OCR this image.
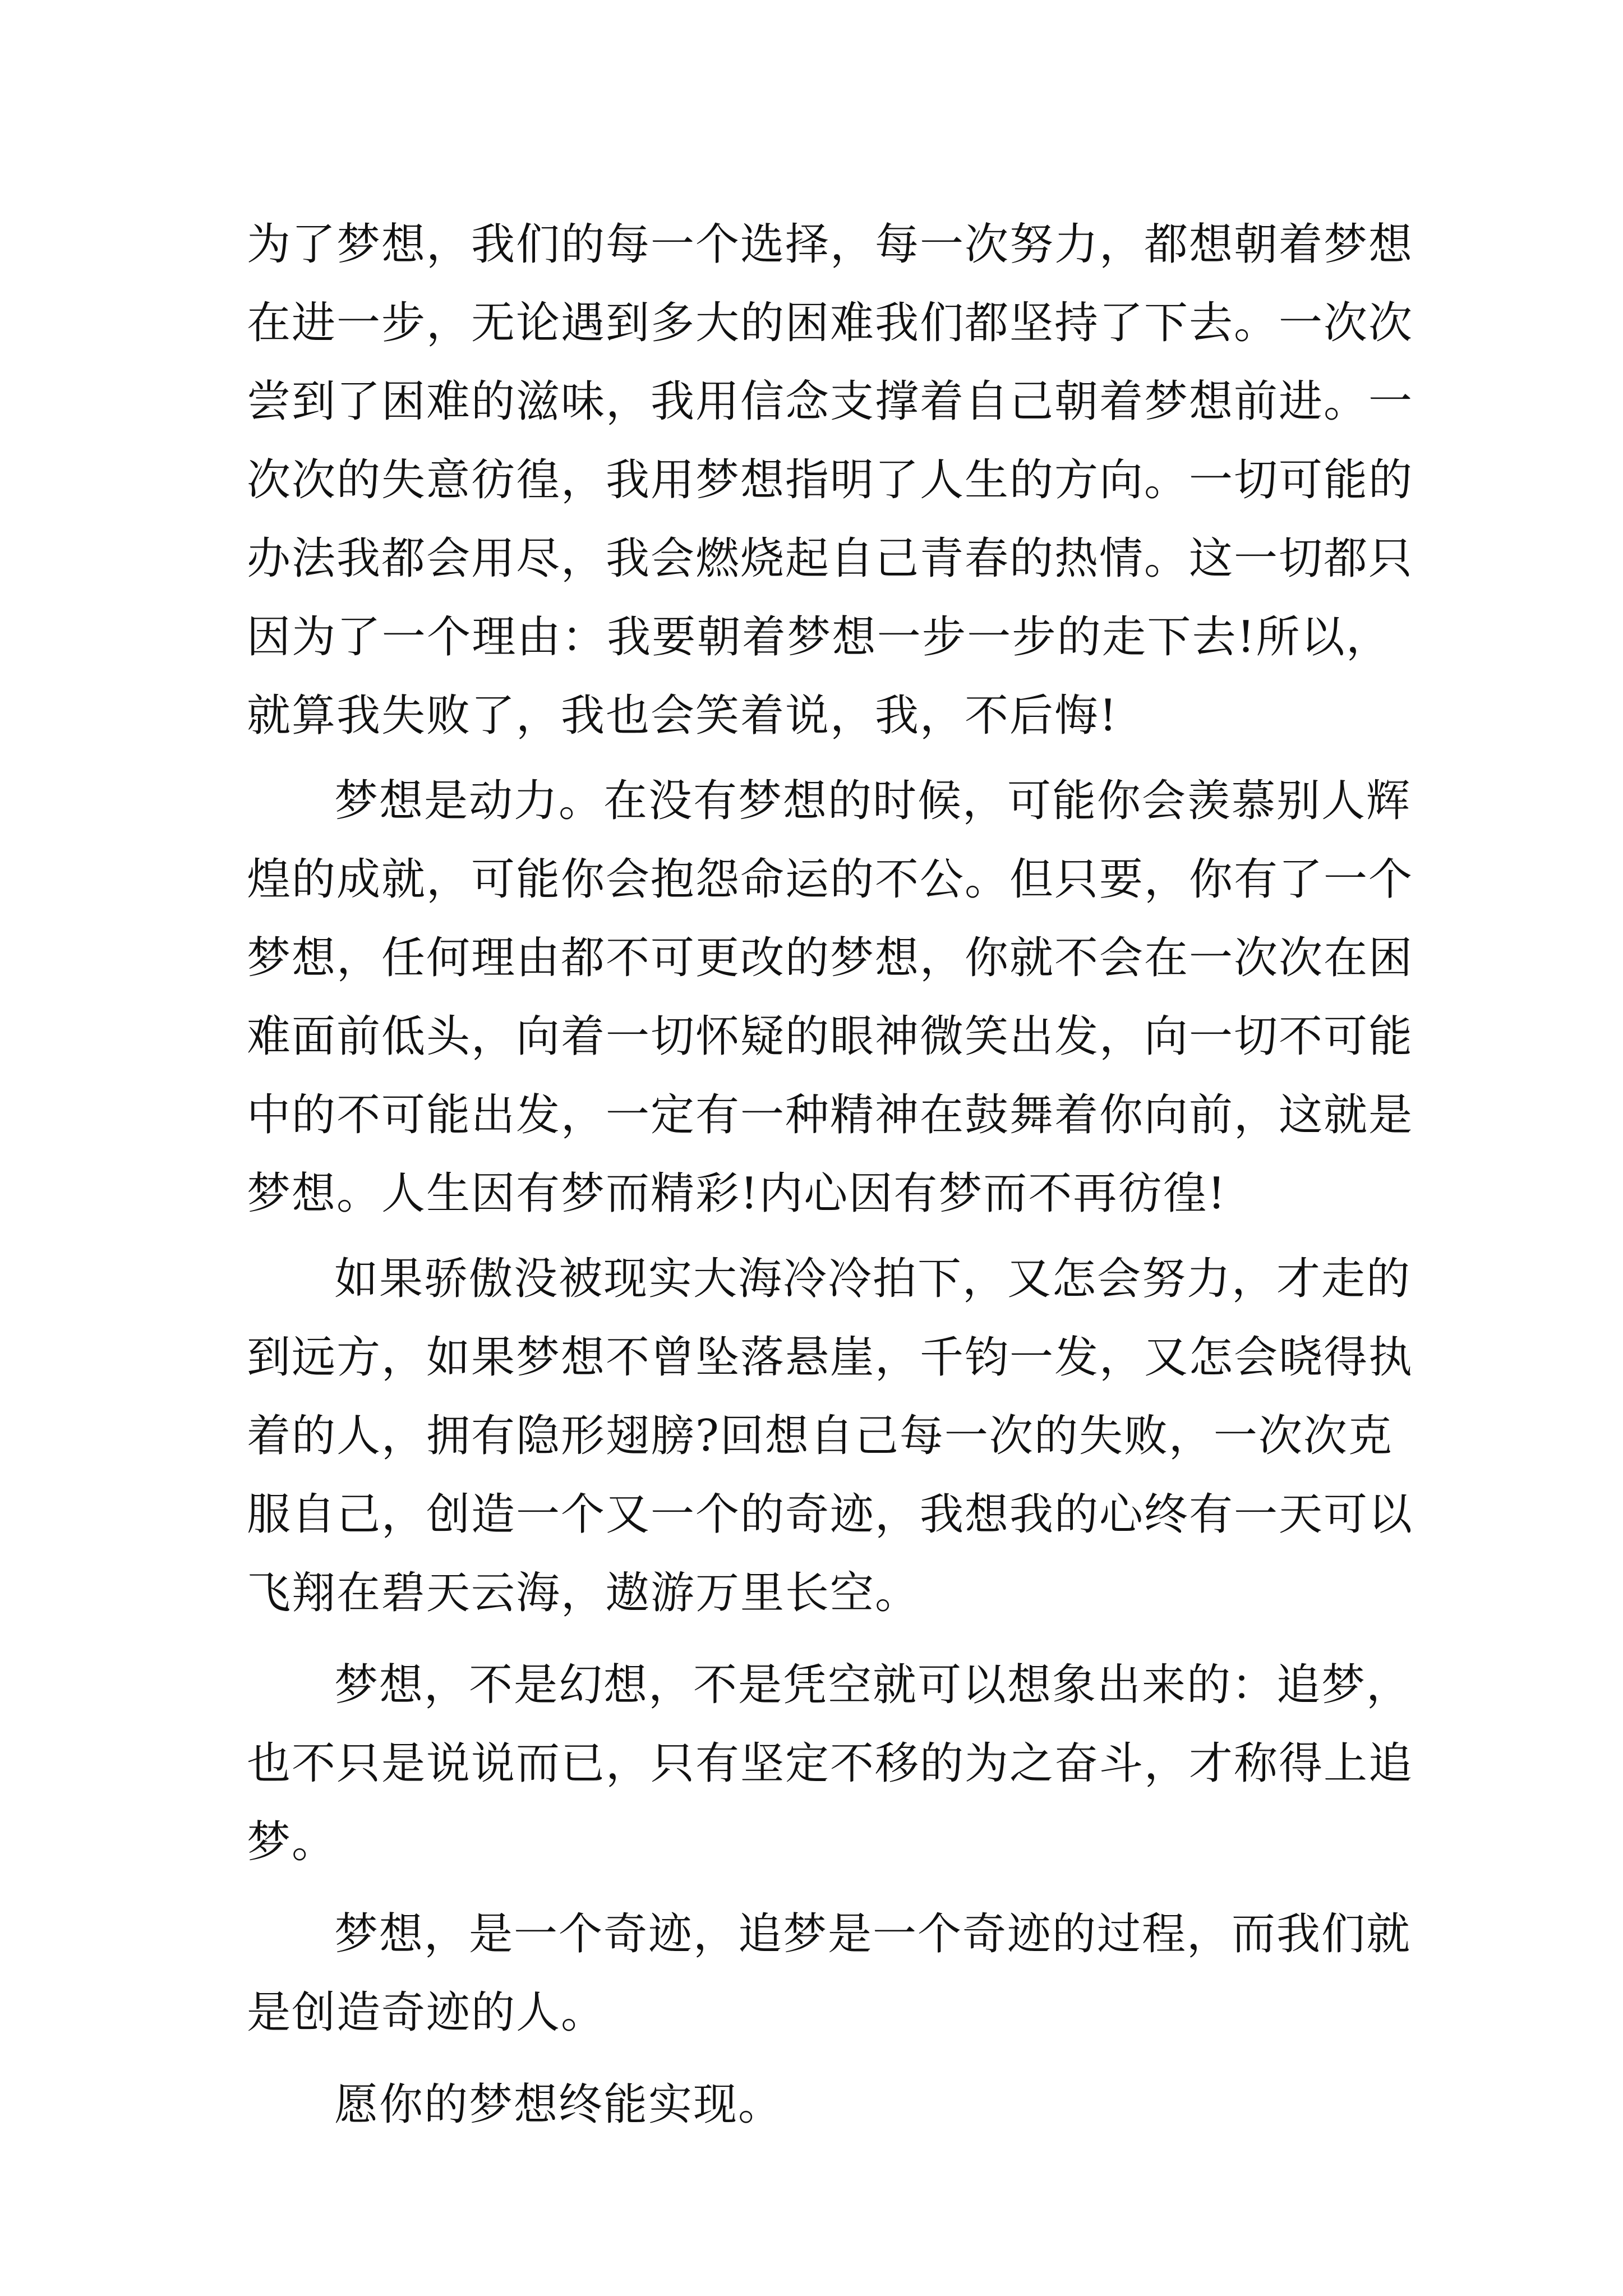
为了梦想，我们的每一个选择，每一次努力，都想朝着梦想
在进一步，无论遇到多大的困难我们都坚持了下去。一次次
尝到了困难的滋味，我用信念支撑着自己朝着梦想前进。一
次次的失意彷徨，我用梦想指明了人生的方向。一切可能的
办法我都会用尽，我会燃烧起自己青春的热情。这一切都只
因为了一个理由：我要朝着梦想一步一步的走下去!所以，
就算我失败了，我也会笑着说，我，不后悔!
梦想是动力。在没有梦想的时候，可能你会羡慕别人辉
煌的成就，可能你会抱怨命运的不公。但只要，你有了一个
梦想，任何理由都不可更改的梦想，你就不会在一次次在困
难面前低头，向着一切怀疑的眼神微笑出发，向一切不可能
中的不可能出发，一定有一种精神在鼓舞着你向前，这就是
梦想。人生因有梦而精彩!内心因有梦而不再彷徨!
如果骄傲没被现实大海冷冷拍下，又怎会努力，才走的
到远方，如果梦想不曾坠落悬崖，千钧一发，又怎会晓得执
着的人，拥有隐形翅膀?回想自己每一次的失败，一次次克
服自己，创造一个又一个的奇迹，我想我的心终有一天可以
飞翔在碧天云海，遨游万里长空。
梦想，不是幻想，不是凭空就可以想象出来的：追梦，
也不只是说说而已，只有坚定不移的为之奋斗，才称得上追
梦。
梦想，是一个奇迹，追梦是一个奇迹的过程，而我们就
是创造奇迹的人。
愿你的梦想终能实现。
